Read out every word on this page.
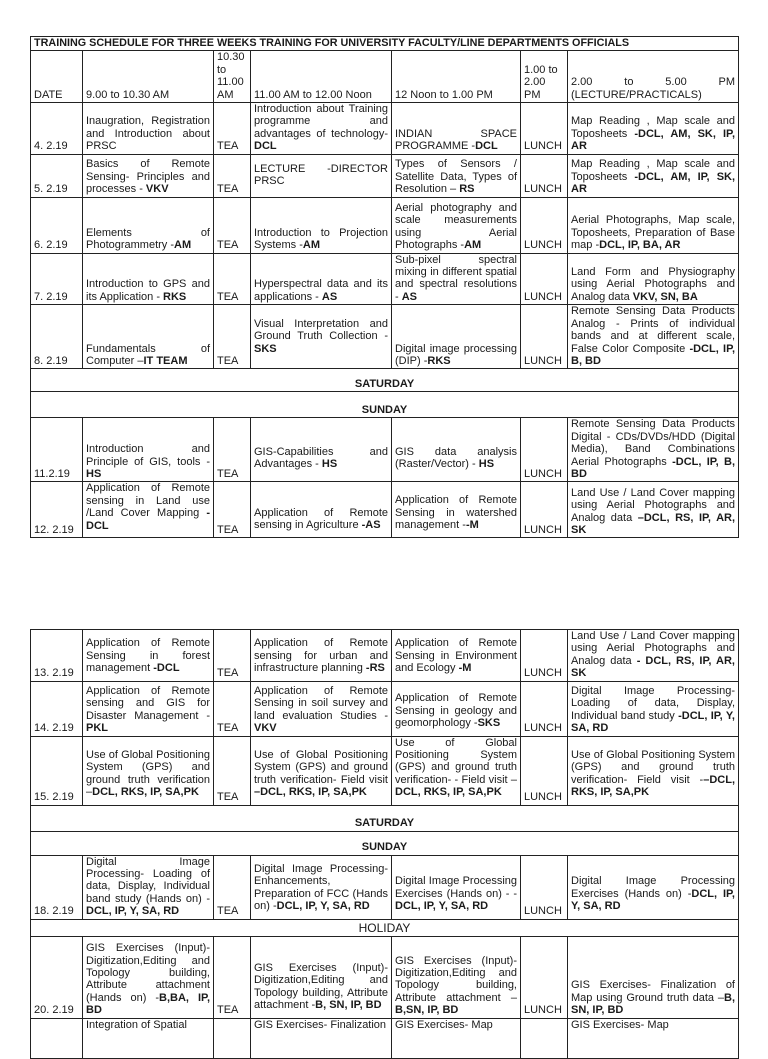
TRAINING SCHEDULE FOR THREE WEEKS TRAINING FOR UNIVERSITY FACULTY/LINE DEPARTMENTS OFFICIALS						
DATE	9.00 to 10.30 AM	10.30 to 11.00 AM	11.00 AM to 12.00 Noon	12 Noon to 1.00 PM	1.00 to 2.00 PM	2.00 to 5.00 PM (LECTURE/PRACTICALS)
4. 2.19	Inaugration, Registration and Introduction about PRSC	TEA	Introduction about Training programme and advantages of technology-DCL	INDIAN SPACE PROGRAMME -DCL	LUNCH	Map Reading , Map scale and Toposheets -DCL, AM, SK, IP, AR
5. 2.19	Basics of Remote Sensing- Principles and processes - VKV	TEA	LECTURE -DIRECTOR PRSC	Types of Sensors / Satellite Data, Types of Resolution – RS	LUNCH	Map Reading , Map scale and Toposheets -DCL, AM, IP, SK, AR
6. 2.19	Elements of Photogrammetry -AM	TEA	Introduction to Projection Systems -AM	Aerial photography and scale measurements using Aerial Photographs -AM	LUNCH	Aerial Photographs, Map scale, Toposheets, Preparation of Base map -DCL, IP, BA, AR
7. 2.19	Introduction to GPS and its Application - RKS	TEA	Hyperspectral data and its applications - AS	Sub-pixel spectral mixing in different spatial and spectral resolutions - AS	LUNCH	Land Form and Physiography using Aerial Photographs and Analog data VKV, SN, BA
8. 2.19	Fundamentals of Computer –IT TEAM	TEA	Visual Interpretation and Ground Truth Collection - SKS	Digital image processing (DIP) -RKS	LUNCH	Remote Sensing Data Products Analog - Prints of individual bands and at different scale, False Color Composite -DCL, IP, B, BD
SATURDAY						
SUNDAY						
11.2.19	Introduction and Principle of GIS, tools - HS	TEA	GIS-Capabilities and Advantages - HS	GIS data analysis (Raster/Vector) - HS	LUNCH	Remote Sensing Data Products Digital - CDs/DVDs/HDD (Digital Media), Band Combinations Aerial Photographs -DCL, IP, B, BD
12. 2.19	Application of Remote sensing in Land use /Land Cover Mapping - DCL	TEA	Application of Remote sensing in Agriculture -AS	Application of Remote Sensing in watershed management --M	LUNCH	Land Use / Land Cover mapping using Aerial Photographs and Analog data –DCL, RS, IP, AR, SK
13. 2.19	Application of Remote Sensing in forest management -DCL	TEA	Application of Remote sensing for urban and infrastructure planning -RS	Application of Remote Sensing in Environment and Ecology -M	LUNCH	Land Use / Land Cover mapping using Aerial Photographs and Analog data - DCL, RS, IP, AR, SK
14. 2.19	Application of Remote sensing and GIS for Disaster Management - PKL	TEA	Application of Remote Sensing in soil survey and land evaluation Studies - VKV	Application of Remote Sensing in geology and geomorphology -SKS	LUNCH	Digital Image Processing- Loading of data, Display, Individual band study -DCL, IP, Y, SA, RD
15. 2.19	Use of Global Positioning System (GPS) and ground truth verification –DCL, RKS, IP, SA,PK	TEA	Use of Global Positioning System (GPS) and ground truth verification- Field visit –DCL, RKS, IP, SA,PK	Use of Global Positioning System (GPS) and ground truth verification- - Field visit – DCL, RKS, IP, SA,PK	LUNCH	Use of Global Positioning System (GPS) and ground truth verification- Field visit -–DCL, RKS, IP, SA,PK
SATURDAY						
SUNDAY						
18. 2.19	Digital Image Processing- Loading of data, Display, Individual band study (Hands on) - DCL, IP, Y, SA, RD	TEA	Digital Image Processing- Enhancements, Preparation of FCC (Hands on) -DCL, IP, Y, SA, RD	Digital Image Processing Exercises (Hands on) - - DCL, IP, Y, SA, RD	LUNCH	Digital Image Processing Exercises (Hands on) -DCL, IP, Y, SA, RD
HOLIDAY						
20. 2.19	GIS Exercises (Input)- Digitization,Editing and Topology building, Attribute attachment (Hands on) -B,BA, IP, BD	TEA	GIS Exercises (Input)- Digitization,Editing and Topology building, Attribute attachment -B, SN, IP, BD	GIS Exercises (Input)- Digitization,Editing and Topology building, Attribute attachment – B,SN, IP, BD	LUNCH	GIS Exercises- Finalization of Map using Ground truth data –B, SN, IP, BD
	Integration of Spatial		GIS Exercises- Finalization	GIS Exercises- Map		GIS Exercises- Map
